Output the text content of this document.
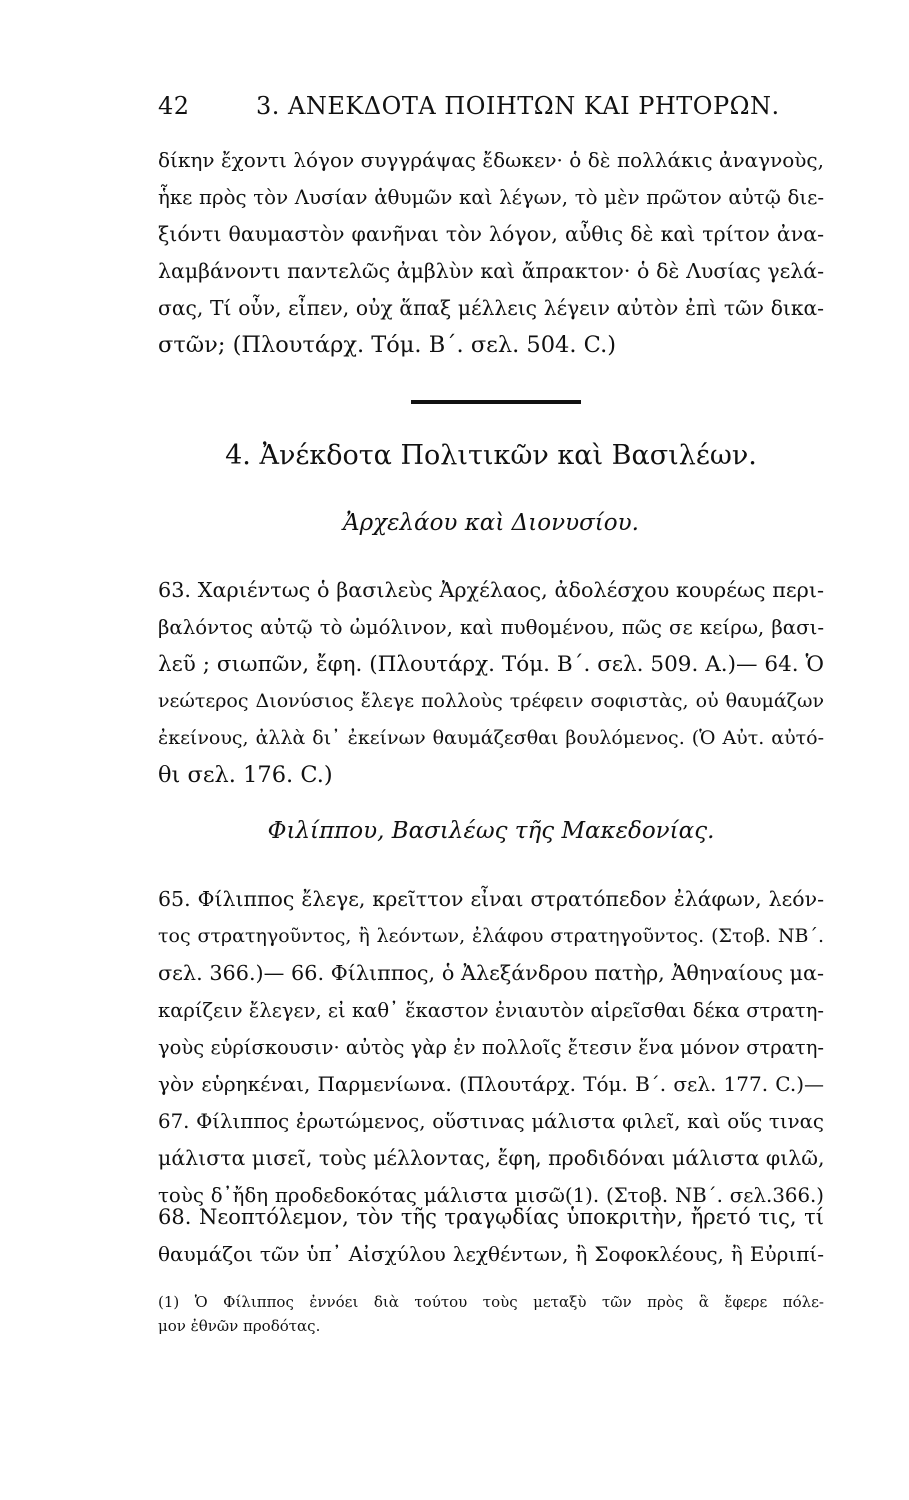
42	3. ΑΝΕΚΔΟΤΑ ΠΟΙΗΤΩΝ ΚΑΙ ΡΗΤΟΡΩΝ.
δίκην ἔχοντι λόγον συγγράψας ἔδωκεν· ὁ δὲ πολλάκις ἀναγνοὺς,
ἧκε πρὸς τὸν Λυσίαν ἀθυμῶν καὶ λέγων, τὸ μὲν πρῶτον αὐτῷ διε-
ξιόντι θαυμαστὸν φανῆναι τὸν λόγον, αὖθις δὲ καὶ τρίτον ἀνα-
λαμβάνοντι παντελῶς ἀμβλὺν καὶ ἄπρακτον· ὁ δὲ Λυσίας γελά-
σας, Τί οὖν, εἶπεν, οὐχ ἅπαξ μέλλεις λέγειν αὐτὸν ἐπὶ τῶν δικα-
στῶν; (Πλουτάρχ. Τόμ. Β΄. σελ. 504. C.)
4. Ἀνέκδοτα Πολιτικῶν καὶ Βασιλέων.
Ἀρχελάου καὶ Διονυσίου.
63. Χαριέντως ὁ βασιλεὺς Ἀρχέλαος, ἀδολέσχου κουρέως περι-
βαλόντος αὐτῷ τὸ ὠμόλινον, καὶ πυθομένου, πῶς σε κείρω, βασι-
λεῦ ; σιωπῶν, ἔφη. (Πλουτάρχ. Τόμ. Β΄. σελ. 509. Α.)— 64. Ὁ
νεώτερος Διονύσιος ἔλεγε πολλοὺς τρέφειν σοφιστὰς, οὐ θαυμάζων
ἐκείνους, ἀλλὰ δι᾽ ἐκείνων θαυμάζεσθαι βουλόμενος. (Ὁ Αὐτ. αὐτό-
θι σελ. 176. C.)
Φιλίππου, Βασιλέως τῆς Μακεδονίας.
65. Φίλιππος ἔλεγε, κρεῖττον εἶναι στρατόπεδον ἐλάφων, λεόν-
τος στρατηγοῦντος, ἢ λεόντων, ἐλάφου στρατηγοῦντος. (Στοβ. ΝΒ΄.
σελ. 366.)— 66. Φίλιππος, ὁ Ἀλεξάνδρου πατὴρ, Ἀθηναίους μα-
καρίζειν ἔλεγεν, εἰ καθ᾽ ἕκαστον ἐνιαυτὸν αἱρεῖσθαι δέκα στρατη-
γοὺς εὑρίσκουσιν· αὐτὸς γὰρ ἐν πολλοῖς ἔτεσιν ἕνα μόνον στρατη-
γὸν εὑρηκέναι, Παρμενίωνα. (Πλουτάρχ. Τόμ. Β΄. σελ. 177. C.)—
67. Φίλιππος ἐρωτώμενος, οὕστινας μάλιστα φιλεῖ, καὶ οὕς τινας
μάλιστα μισεῖ, τοὺς μέλλοντας, ἔφη, προδιδόναι μάλιστα φιλῶ,
τοὺς δ᾽ἤδη προδεδοκότας μάλιστα μισῶ(1). (Στοβ. ΝΒ΄. σελ.366.)
68. Νεοπτόλεμον, τὸν τῆς τραγῳδίας ὑποκριτὴν, ἤρετό τις, τί
θαυμάζοι τῶν ὑπ᾽ Αἰσχύλου λεχθέντων, ἢ Σοφοκλέους, ἢ Εὐριπί-
(1) Ὁ Φίλιππος ἐννόει διὰ τούτου τοὺς μεταξὺ τῶν πρὸς ἃ ἔφερε πόλε-
μον ἐθνῶν προδότας.
